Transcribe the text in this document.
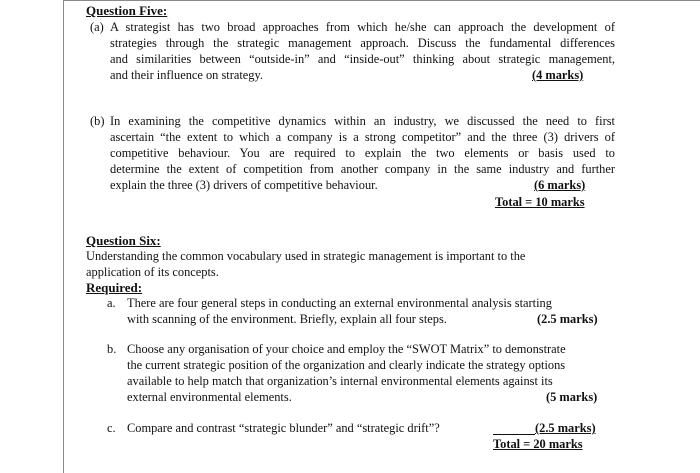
Question Five:
(a) A strategist has two broad approaches from which he/she can approach the development of
strategies through the strategic management approach. Discuss the fundamental differences
and similarities between “outside-in” and “inside-out” thinking about strategic management,
and their influence on strategy.	(4 marks)
(b) In examining the competitive dynamics within an industry, we discussed the need to first
ascertain “the extent to which a company is a strong competitor” and the three (3) drivers of
competitive behaviour. You are required to explain the two elements or basis used to
determine the extent of competition from another company in the same industry and further
explain the three (3) drivers of competitive behaviour.	(6 marks)
Total = 10 marks
Question Six:
Understanding the common vocabulary used in strategic management is important to the
application of its concepts.
Required:
a. There are four general steps in conducting an external environmental analysis starting
with scanning of the environment. Briefly, explain all four steps.	(2.5 marks)
b. Choose any organisation of your choice and employ the “SWOT Matrix” to demonstrate
the current strategic position of the organization and clearly indicate the strategy options
available to help match that organization’s internal environmental elements against its
external environmental elements.	(5 marks)
c. Compare and contrast “strategic blunder” and “strategic drift”?	(2.5 marks)
Total = 20 marks
